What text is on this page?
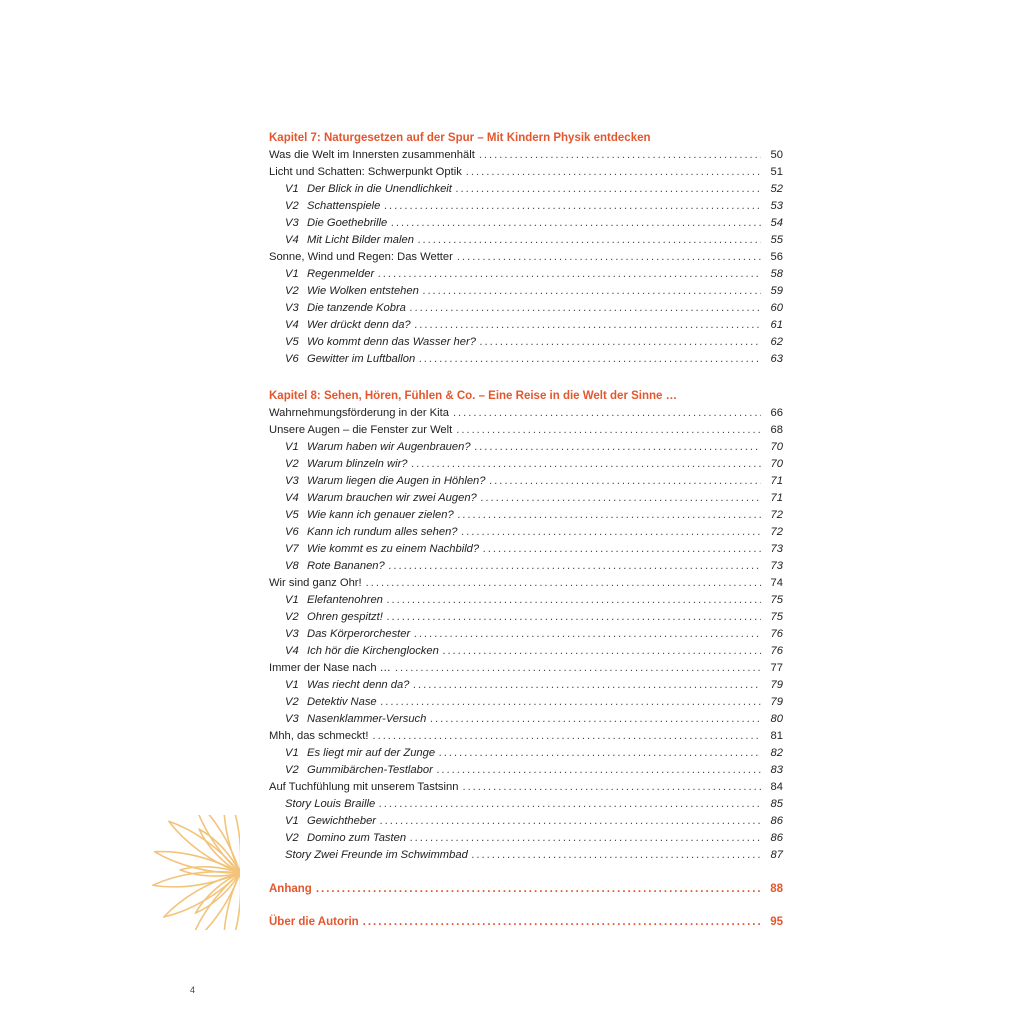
Kapitel 7: Naturgesetzen auf der Spur – Mit Kindern Physik entdecken
Was die Welt im Innersten zusammenhält .....	50
Licht und Schatten: Schwerpunkt Optik .....	51
V1 Der Blick in die Unendlichkeit .....	52
V2 Schattenspiele .....	53
V3 Die Goethebrille .....	54
V4 Mit Licht Bilder malen .....	55
Sonne, Wind und Regen: Das Wetter .....	56
V1 Regenmelder .....	58
V2 Wie Wolken entstehen .....	59
V3 Die tanzende Kobra .....	60
V4 Wer drückt denn da? .....	61
V5 Wo kommt denn das Wasser her? .....	62
V6 Gewitter im Luftballon .....	63
Kapitel 8: Sehen, Hören, Fühlen & Co. – Eine Reise in die Welt der Sinne …
Wahrnehmungsförderung in der Kita .....	66
Unsere Augen – die Fenster zur Welt .....	68
V1 Warum haben wir Augenbrauen? .....	70
V2 Warum blinzeln wir? .....	70
V3 Warum liegen die Augen in Höhlen? .....	71
V4 Warum brauchen wir zwei Augen? .....	71
V5 Wie kann ich genauer zielen? .....	72
V6 Kann ich rundum alles sehen? .....	72
V7 Wie kommt es zu einem Nachbild? .....	73
V8 Rote Bananen? .....	73
Wir sind ganz Ohr! .....	74
V1 Elefantenohren .....	75
V2 Ohren gespitzt! .....	75
V3 Das Körperorchester .....	76
V4 Ich hör die Kirchenglocken .....	76
Immer der Nase nach … .....	77
V1 Was riecht denn da? .....	79
V2 Detektiv Nase .....	79
V3 Nasenklammer-Versuch .....	80
Mhh, das schmeckt! .....	81
V1 Es liegt mir auf der Zunge .....	82
V2 Gummibärchen-Testlabor .....	83
Auf Tuchfühlung mit unserem Tastsinn .....	84
Story Louis Braille .....	85
V1 Gewichtheber .....	86
V2 Domino zum Tasten .....	86
Story Zwei Freunde im Schwimmbad .....	87
Anhang .....	88
Über die Autorin .....	95
4
